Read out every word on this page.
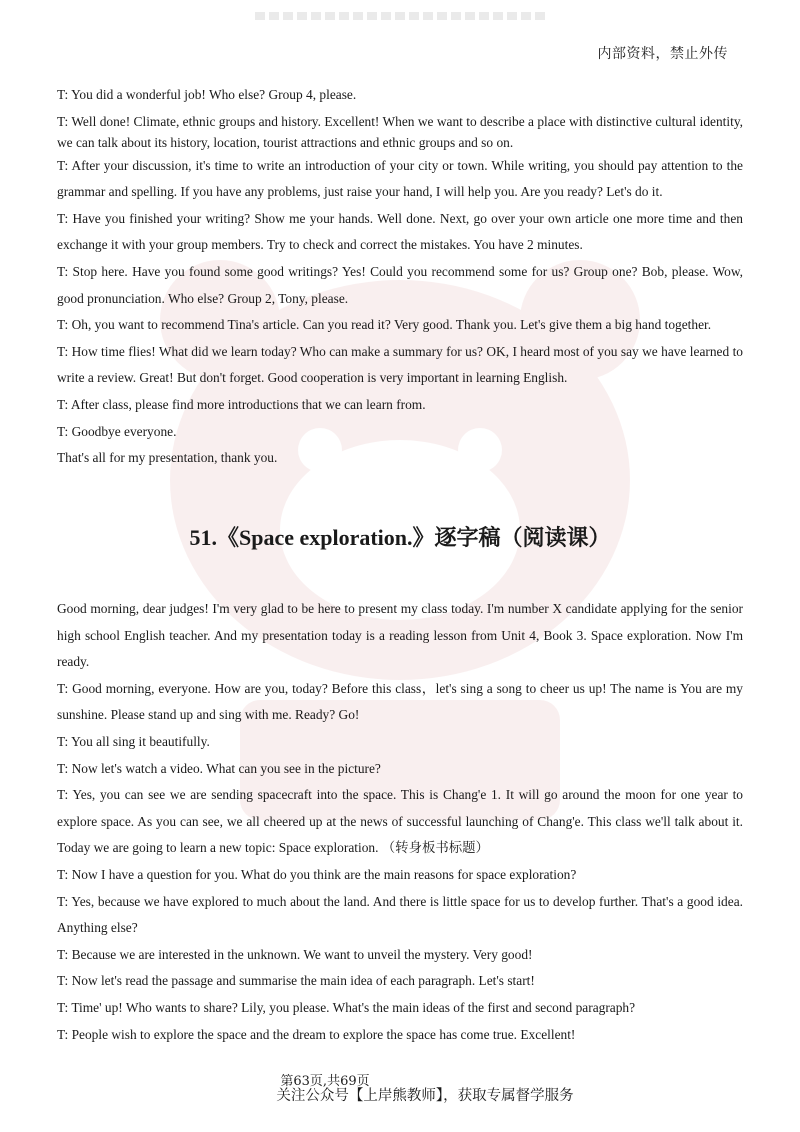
内部资料，禁止外传

T: You did a wonderful job! Who else? Group 4, please.

T: Well done! Climate, ethnic groups and history. Excellent! When we want to describe a place with distinctive cultural identity, we can talk about its history, location, tourist attractions and ethnic groups and so on.

T: After your discussion, it's time to write an introduction of your city or town. While writing, you should pay attention to the grammar and spelling. If you have any problems, just raise your hand, I will help you. Are you ready? Let's do it.

T: Have you finished your writing? Show me your hands. Well done. Next, go over your own article one more time and then exchange it with your group members. Try to check and correct the mistakes. You have 2 minutes.

T: Stop here. Have you found some good writings? Yes! Could you recommend some for us? Group one? Bob, please. Wow, good pronunciation. Who else? Group 2, Tony, please.

T: Oh, you want to recommend Tina's article. Can you read it? Very good. Thank you. Let's give them a big hand together.

T: How time flies! What did we learn today? Who can make a summary for us? OK, I heard most of you say we have learned to write a review. Great! But don't forget. Good cooperation is very important in learning English.

T: After class, please find more introductions that we can learn from.

T: Goodbye everyone.

That's all for my presentation, thank you.

51.《Space exploration.》逐字稿（阅读课）

Good morning, dear judges! I'm very glad to be here to present my class today. I'm number X candidate applying for the senior high school English teacher. And my presentation today is a reading lesson from Unit 4, Book 3. Space exploration. Now I'm ready.

T: Good morning, everyone. How are you, today? Before this class，let's sing a song to cheer us up! The name is You are my sunshine. Please stand up and sing with me. Ready? Go!

T: You all sing it beautifully.

T: Now let's watch a video. What can you see in the picture?

T: Yes, you can see we are sending spacecraft into the space. This is Chang'e 1. It will go around the moon for one year to explore space. As you can see, we all cheered up at the news of successful launching of Chang'e. This class we'll talk about it. Today we are going to learn a new topic: Space exploration. （转身板书标题）

T: Now I have a question for you. What do you think are the main reasons for space exploration?

T: Yes, because we have explored to much about the land. And there is little space for us to develop further. That's a good idea. Anything else?

T: Because we are interested in the unknown. We want to unveil the mystery. Very good!

T: Now let's read the passage and summarise the main idea of each paragraph. Let's start!

T: Time' up! Who wants to share? Lily, you please. What's the main ideas of the first and second paragraph?

T: People wish to explore the space and the dream to explore the space has come true. Excellent!

第63页,共69页
关注公众号【上岸熊教师】，获取专属督学服务
